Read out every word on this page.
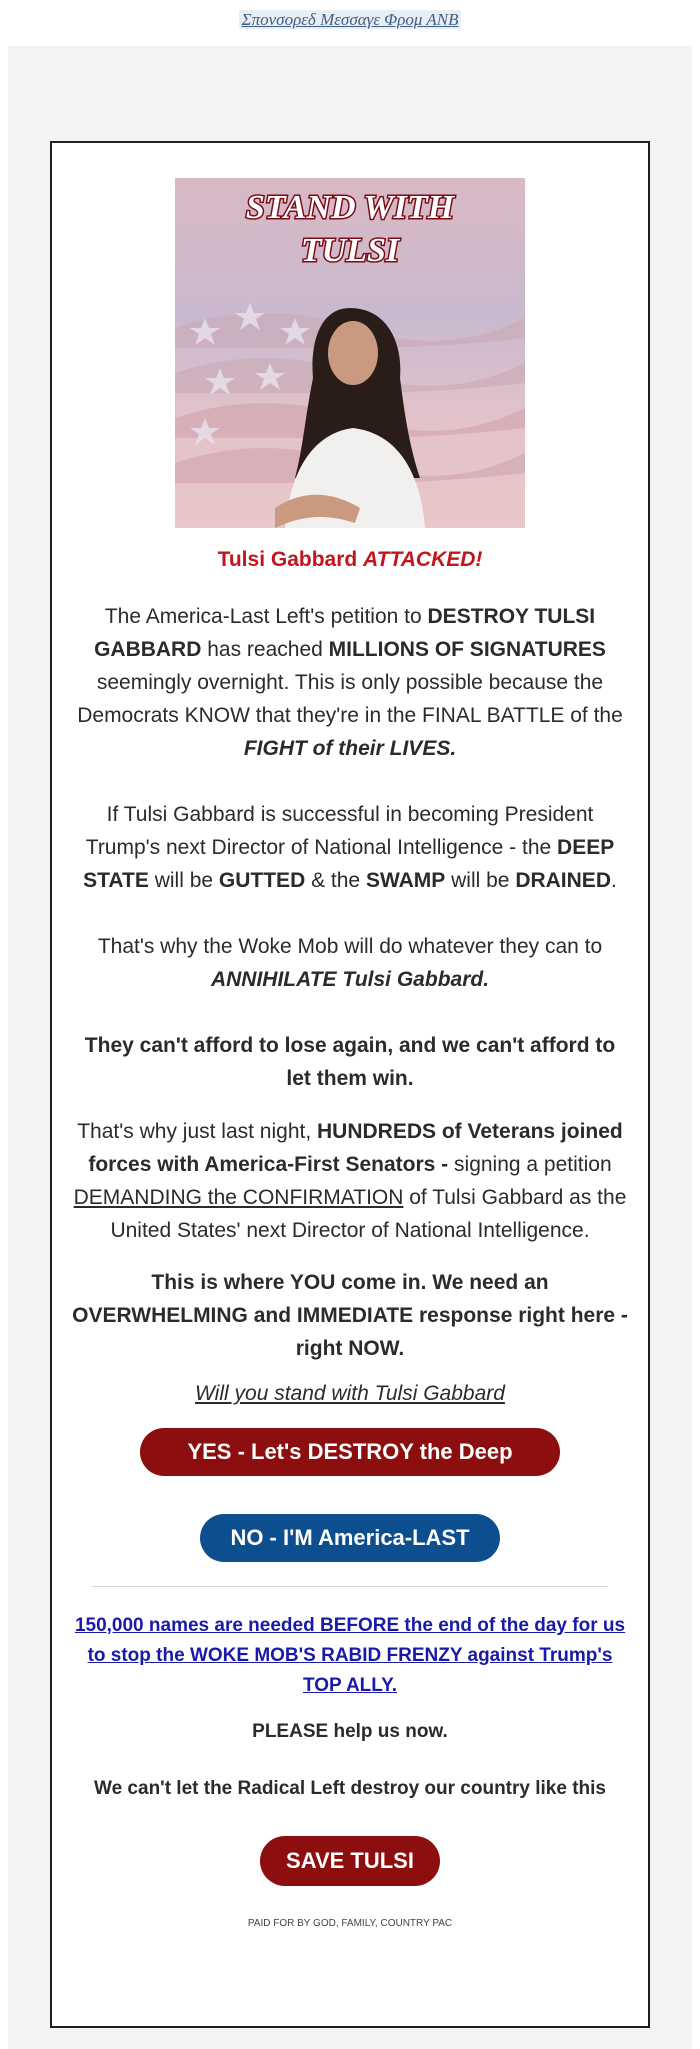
Σπονσορεδ Μεσσαγε Φρομ ΑΝΒ
STAND WITH
TULSI
Tulsi Gabbard ATTACKED!
The America-Last Left's petition to DESTROY TULSI GABBARD has reached MILLIONS OF SIGNATURES seemingly overnight. This is only possible because the Democrats KNOW that they're in the FINAL BATTLE of the FIGHT of their LIVES.
If Tulsi Gabbard is successful in becoming President Trump's next Director of National Intelligence - the DEEP STATE will be GUTTED & the SWAMP will be DRAINED.
That's why the Woke Mob will do whatever they can to ANNIHILATE Tulsi Gabbard.
They can't afford to lose again, and we can't afford to let them win.
That's why just last night, HUNDREDS of Veterans joined forces with America-First Senators - signing a petition DEMANDING the CONFIRMATION of Tulsi Gabbard as the United States' next Director of National Intelligence.
This is where YOU come in. We need an OVERWHELMING and IMMEDIATE response right here - right NOW.
Will you stand with Tulsi Gabbard
YES - Let's DESTROY the Deep State
NO - I'M America-LAST
150,000 names are needed BEFORE the end of the day for us to stop the WOKE MOB'S RABID FRENZY against Trump's TOP ALLY.
PLEASE help us now.
We can't let the Radical Left destroy our country like this
SAVE TULSI
PAID FOR BY GOD, FAMILY, COUNTRY PAC
